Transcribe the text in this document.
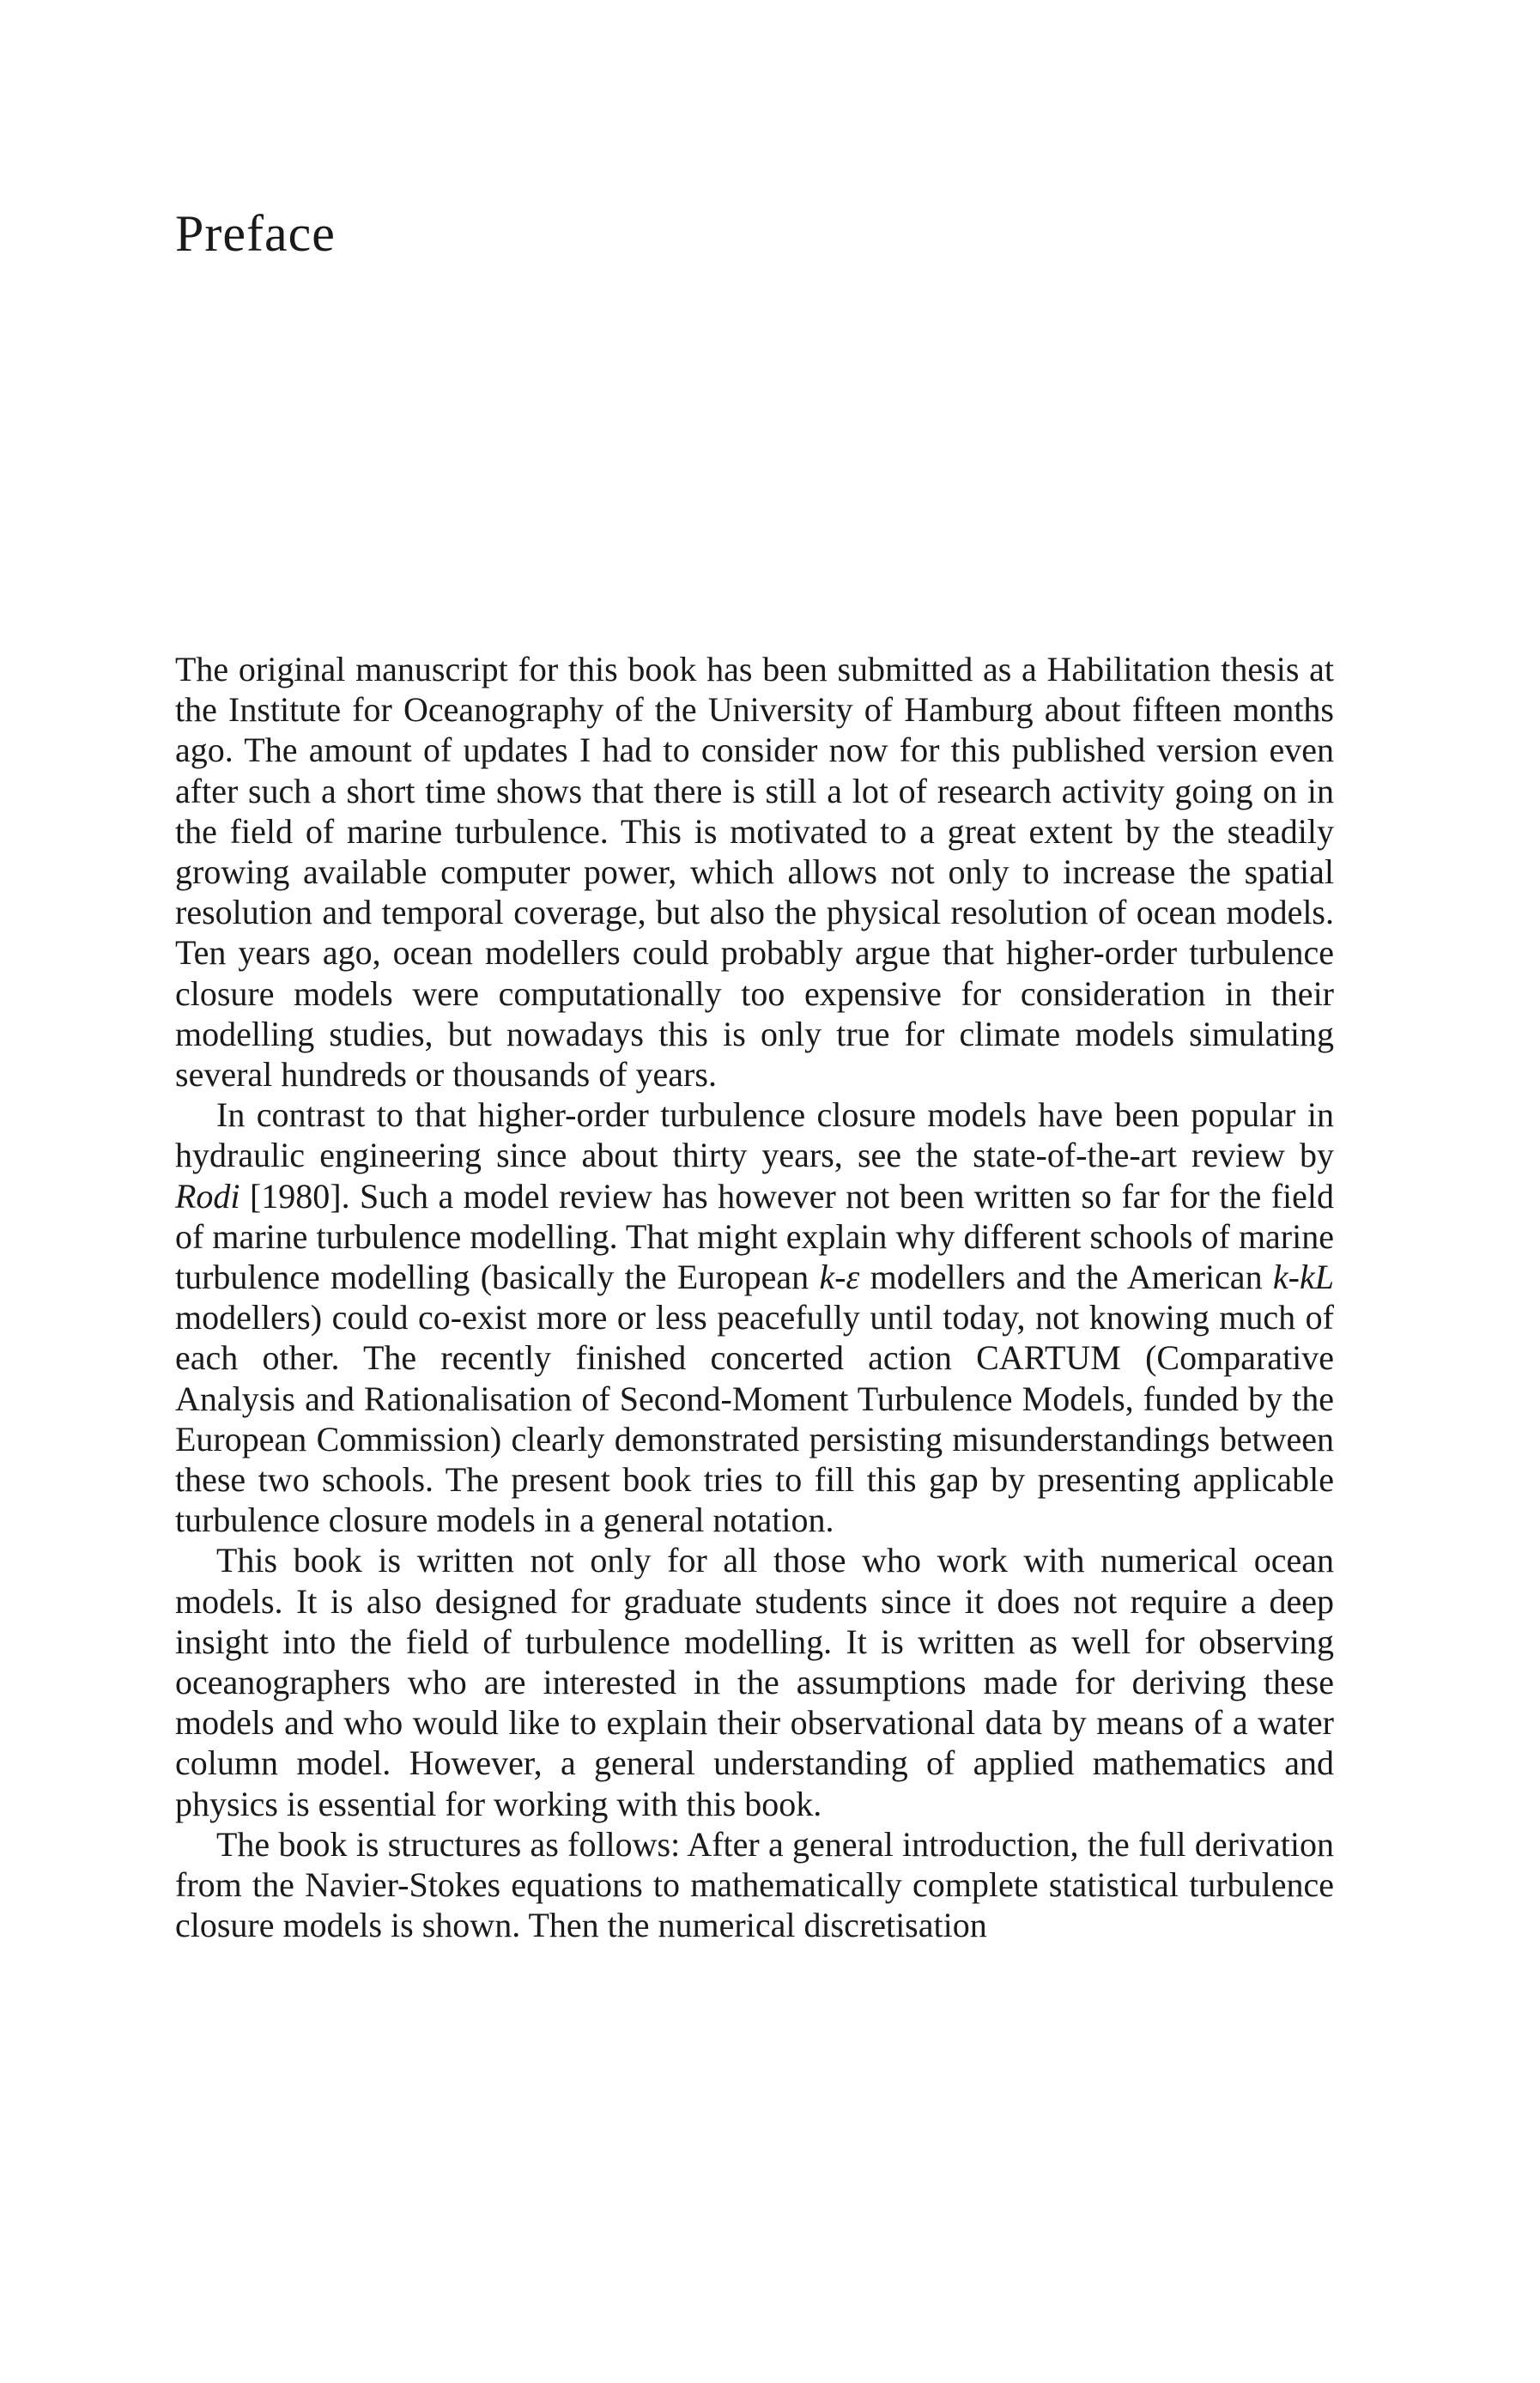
Preface

The original manuscript for this book has been submitted as a Habilitation thesis at the Institute for Oceanography of the University of Hamburg about fifteen months ago. The amount of updates I had to consider now for this published version even after such a short time shows that there is still a lot of research activity going on in the field of marine turbulence. This is motivated to a great extent by the steadily growing available computer power, which allows not only to increase the spatial resolution and temporal coverage, but also the physical resolution of ocean models. Ten years ago, ocean modellers could probably argue that higher-order turbulence closure models were computationally too expensive for consideration in their modelling studies, but nowadays this is only true for climate models simulating several hundreds or thousands of years.

In contrast to that higher-order turbulence closure models have been popular in hydraulic engineering since about thirty years, see the state-of-the-art review by Rodi [1980]. Such a model review has however not been written so far for the field of marine turbulence modelling. That might explain why different schools of marine turbulence modelling (basically the European k-ε modellers and the American k-kL modellers) could co-exist more or less peacefully until today, not knowing much of each other. The recently finished concerted action CARTUM (Comparative Analysis and Rationalisation of Second-Moment Turbulence Models, funded by the European Commission) clearly demonstrated persisting misunderstandings between these two schools. The present book tries to fill this gap by presenting applicable turbulence closure models in a general notation.

This book is written not only for all those who work with numerical ocean models. It is also designed for graduate students since it does not require a deep insight into the field of turbulence modelling. It is written as well for observing oceanographers who are interested in the assumptions made for deriving these models and who would like to explain their observational data by means of a water column model. However, a general understanding of applied mathematics and physics is essential for working with this book.

The book is structures as follows: After a general introduction, the full derivation from the Navier-Stokes equations to mathematically complete statistical turbulence closure models is shown. Then the numerical discretisation
